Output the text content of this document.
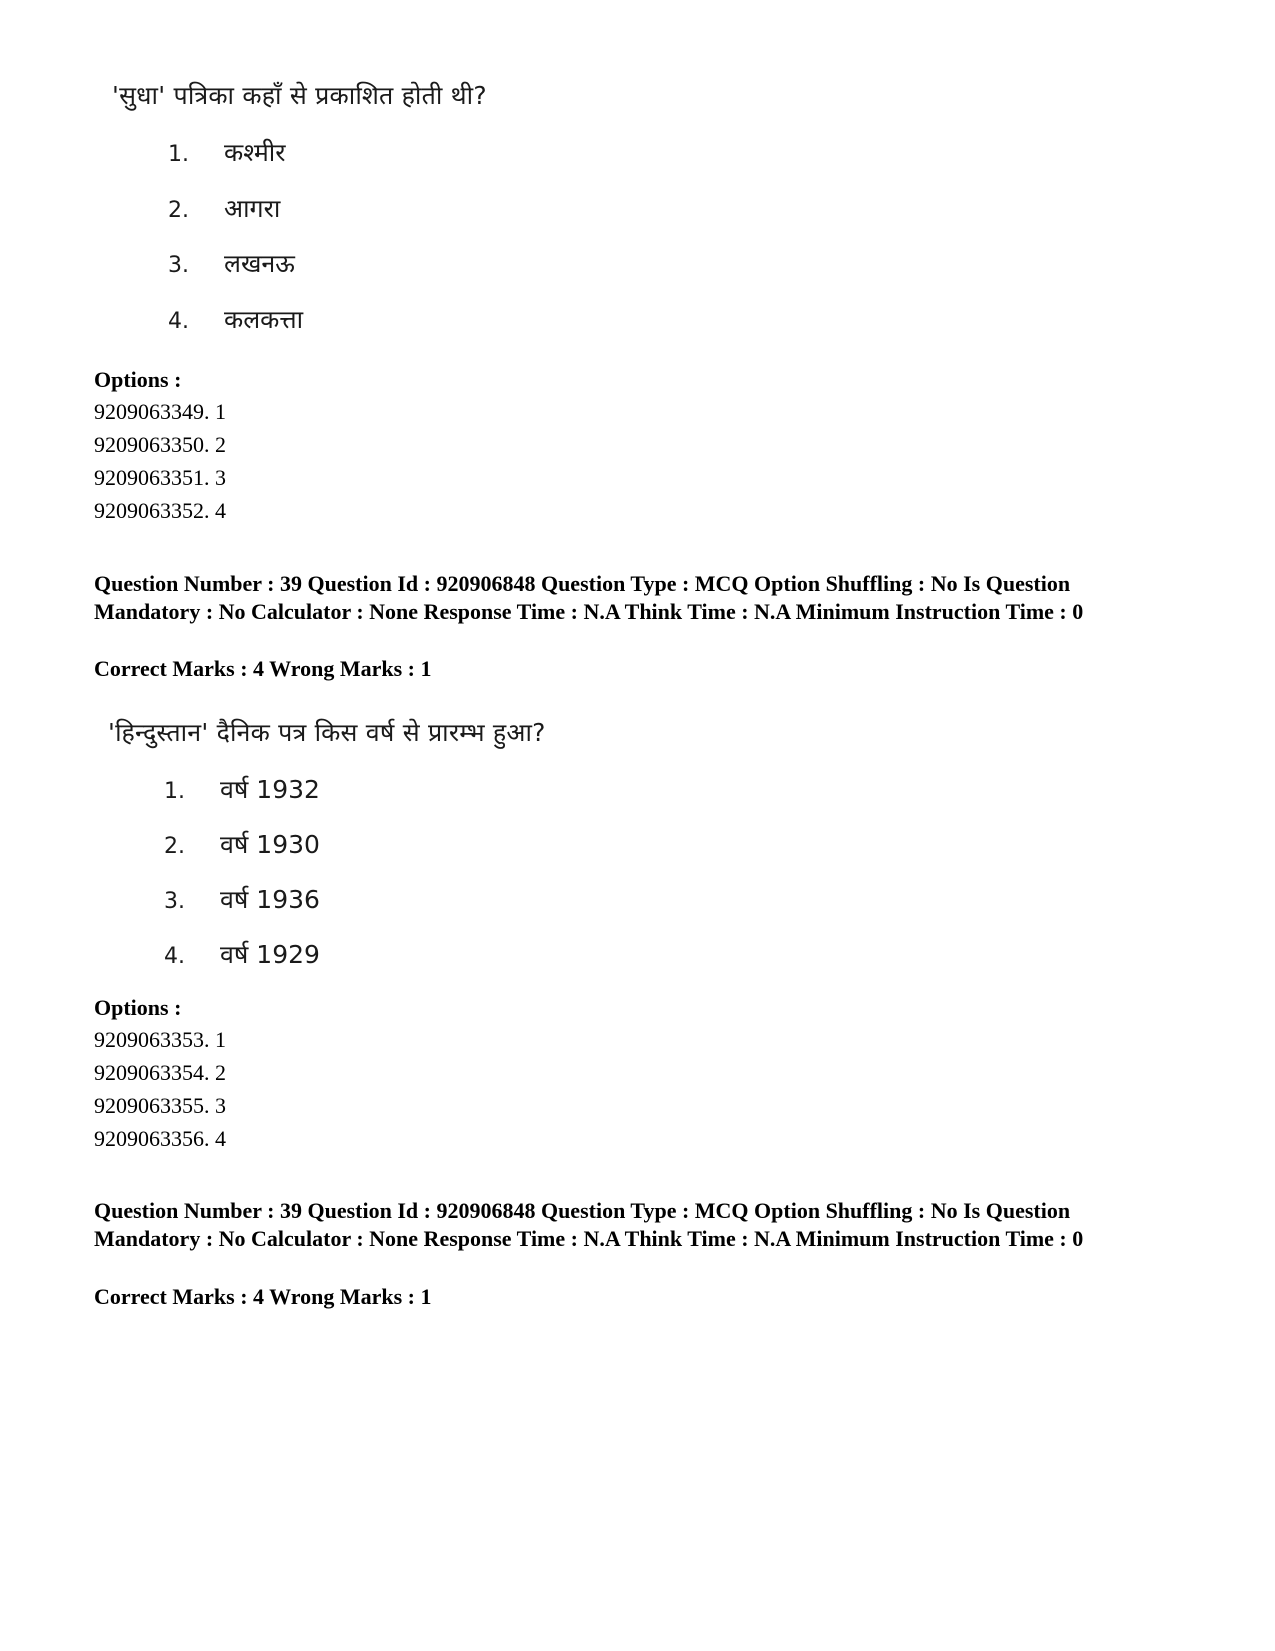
'सुधा' पत्रिका कहाँ से प्रकाशित होती थी?
1. कश्मीर
2. आगरा
3. लखनऊ
4. कलकत्ता
Options :
9209063349. 1
9209063350. 2
9209063351. 3
9209063352. 4
Question Number : 39 Question Id : 920906848 Question Type : MCQ Option Shuffling : No Is Question Mandatory : No Calculator : None Response Time : N.A Think Time : N.A Minimum Instruction Time : 0
Correct Marks : 4 Wrong Marks : 1
'हिन्दुस्तान' दैनिक पत्र किस वर्ष से प्रारम्भ हुआ?
1. वर्ष 1932
2. वर्ष 1930
3. वर्ष 1936
4. वर्ष 1929
Options :
9209063353. 1
9209063354. 2
9209063355. 3
9209063356. 4
Question Number : 39 Question Id : 920906848 Question Type : MCQ Option Shuffling : No Is Question Mandatory : No Calculator : None Response Time : N.A Think Time : N.A Minimum Instruction Time : 0
Correct Marks : 4 Wrong Marks : 1
